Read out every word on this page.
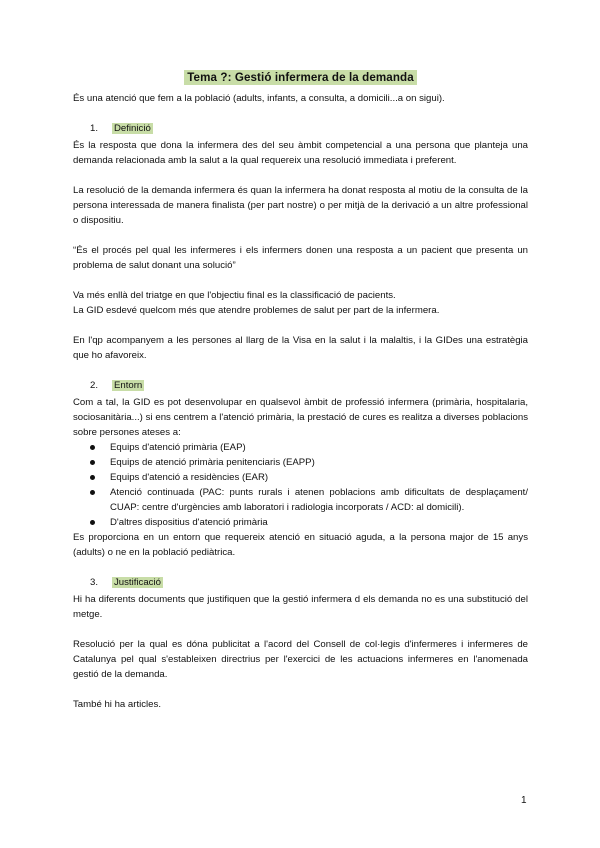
Tema ?: Gestió infermera de la demanda

És una atenció que fem a la població (adults, infants, a consulta, a domicili...a on sigui).

1. Definició

És la resposta que dona la infermera des del seu àmbit competencial a una persona que planteja una demanda relacionada amb la salut a la qual requereix una resolució immediata i preferent.

La resolució de la demanda infermera és quan la infermera ha donat resposta al motiu de la consulta de la persona interessada de manera finalista (per part nostre) o per mitjà de la derivació a un altre professional o dispositiu.

“És el procés pel qual les infermeres i els infermers donen una resposta a un pacient que presenta un problema de salut donant una solució”

Va més enllà del triatge en que l'objectiu final es la classificació de pacients.

La GID esdevé quelcom més que atendre problemes de salut per part de la infermera.

En l'qp acompanyem a les persones al llarg de la Visa en la salut i la malaltis, i la GIDes una estratègia que ho afavoreix.

2. Entorn

Com a tal, la GID es pot desenvolupar en qualsevol àmbit de professió infermera (primària, hospitalaria, sociosanitària...) si ens centrem a l'atenció primària, la prestació de cures es realitza a diverses poblacions sobre persones ateses a:

Equips d'atenció primària (EAP)
Equips de atenció primària penitenciaris (EAPP)
Equips d'atenció a residències (EAR)
Atenció continuada (PAC: punts rurals i atenen poblacions amb dificultats de desplaçament/ CUAP: centre d'urgències amb laboratori i radiologia incorporats / ACD: al domicili).
D'altres dispositius d'atenció primària

Es proporciona en un entorn que requereix atenció en situació aguda, a la persona major de 15 anys (adults) o ne en la població pediàtrica.

3. Justificació

Hi ha diferents documents que justifiquen que la gestió infermera d els demanda no es una substitució del metge.

Resolució per la qual es dóna publicitat a l'acord del Consell de col·legis d'infermeres i infermeres de Catalunya pel qual s'estableixen directrius per l'exercici de les actuacions infermeres en l'anomenada gestió de la demanda.

També hi ha articles.

1
